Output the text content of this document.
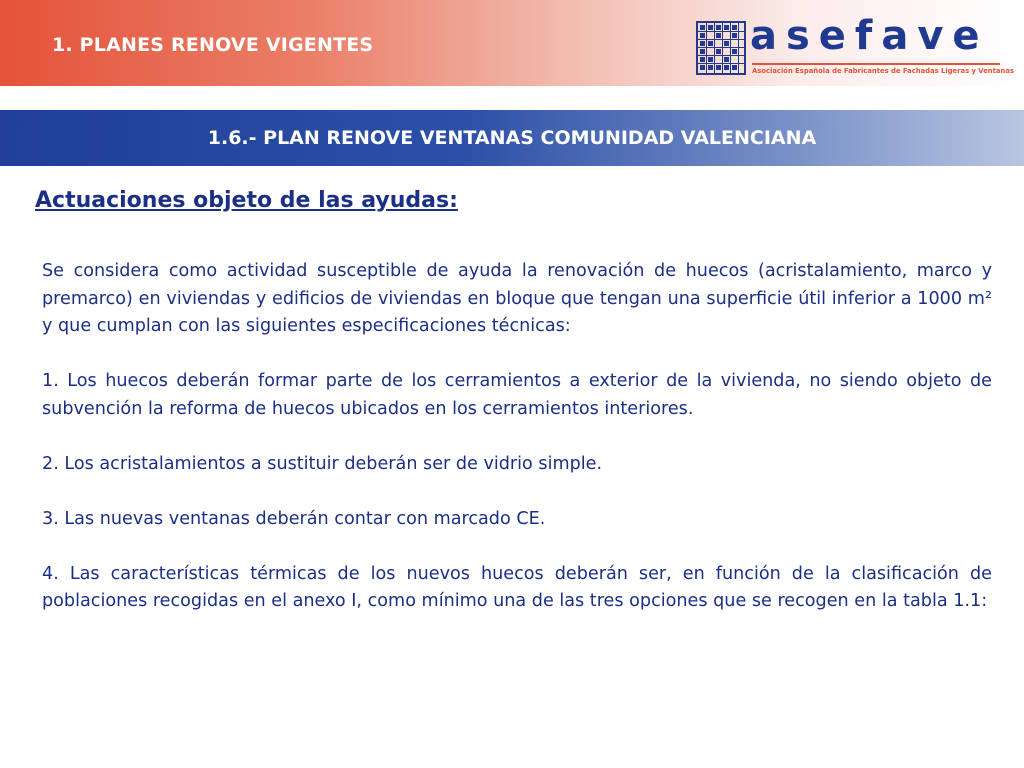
1. PLANES RENOVE VIGENTES	asefave
Asociación Española de Fabricantes de Fachadas Ligeras y Ventanas
1.6.- PLAN RENOVE VENTANAS COMUNIDAD VALENCIANA
Actuaciones objeto de las ayudas:

Se considera como actividad susceptible de ayuda la renovación de huecos (acristalamiento, marco y premarco) en viviendas y edificios de viviendas en bloque que tengan una superficie útil inferior a 1000 m² y que cumplan con las siguientes especificaciones técnicas:

1. Los huecos deberán formar parte de los cerramientos a exterior de la vivienda, no siendo objeto de subvención la reforma de huecos ubicados en los cerramientos interiores.

2. Los acristalamientos a sustituir deberán ser de vidrio simple.

3. Las nuevas ventanas deberán contar con marcado CE.

4. Las características térmicas de los nuevos huecos deberán ser, en función de la clasificación de poblaciones recogidas en el anexo I, como mínimo una de las tres opciones que se recogen en la tabla 1.1:
